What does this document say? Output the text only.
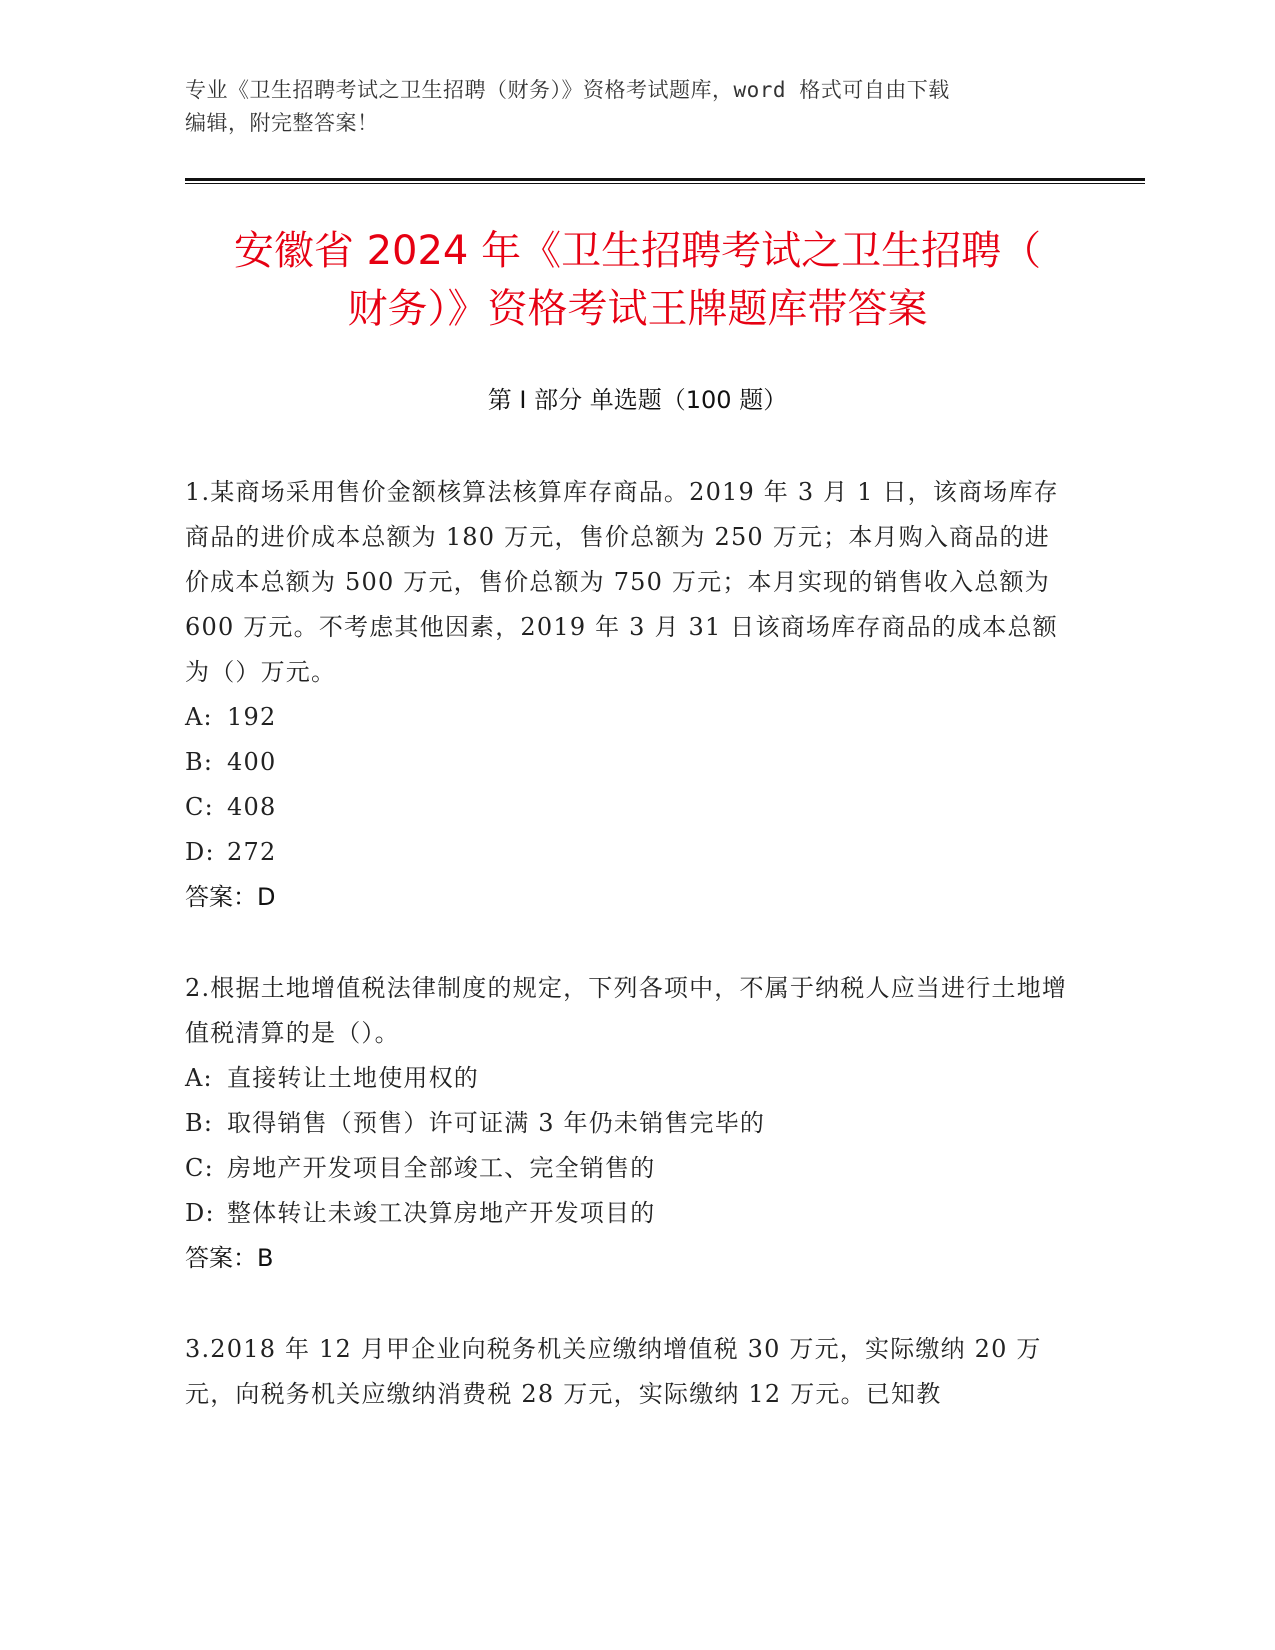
专业《卫生招聘考试之卫生招聘（财务）》资格考试题库，word 格式可自由下载
编辑，附完整答案！
安徽省 2024 年《卫生招聘考试之卫生招聘（
财务）》资格考试王牌题库带答案
第 I 部分 单选题（100 题）

1.某商场采用售价金额核算法核算库存商品。2019 年 3 月 1 日，该商场库存商品的进价成本总额为 180 万元，售价总额为 250 万元；本月购入商品的进价成本总额为 500 万元，售价总额为 750 万元；本月实现的销售收入总额为 600 万元。不考虑其他因素，2019 年 3 月 31 日该商场库存商品的成本总额为（）万元。

A: 192

B: 400

C: 408

D: 272

答案：D

2.根据土地增值税法律制度的规定，下列各项中，不属于纳税人应当进行土地增值税清算的是（）。

A: 直接转让土地使用权的

B: 取得销售（预售）许可证满 3 年仍未销售完毕的

C: 房地产开发项目全部竣工、完全销售的

D: 整体转让未竣工决算房地产开发项目的

答案：B

3.2018 年 12 月甲企业向税务机关应缴纳增值税 30 万元，实际缴纳 20 万元，向税务机关应缴纳消费税 28 万元，实际缴纳 12 万元。已知教
